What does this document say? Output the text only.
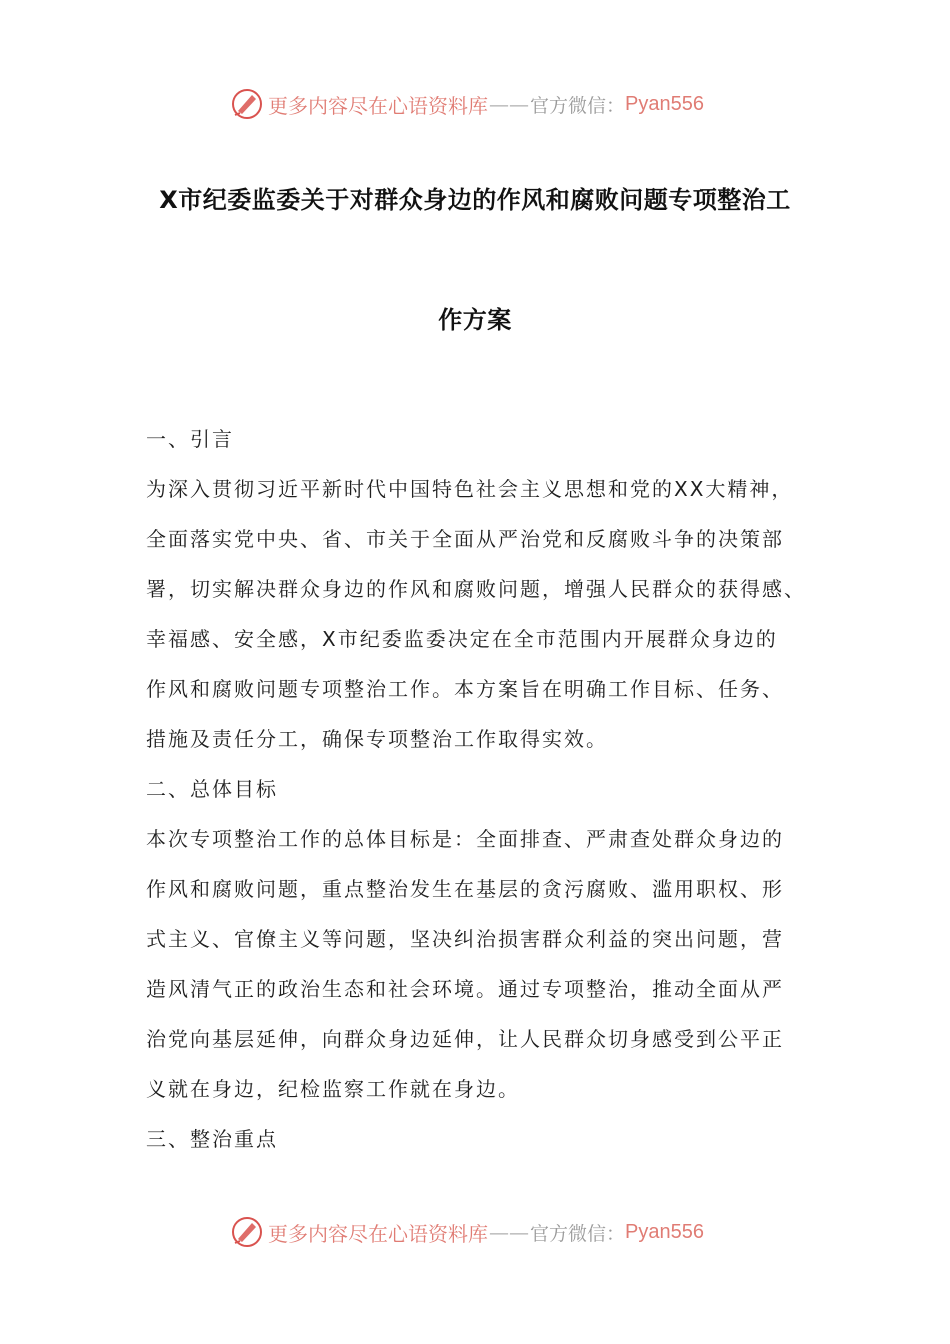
更多内容尽在心语资料库 —— 官方微信： Pyan556
X市纪委监委关于对群众身边的作风和腐败问题专项整治工
作方案
一、引言
为深入贯彻习近平新时代中国特色社会主义思想和党的XX大精神，
全面落实党中央、省、市关于全面从严治党和反腐败斗争的决策部
署，切实解决群众身边的作风和腐败问题，增强人民群众的获得感、
幸福感、安全感，X市纪委监委决定在全市范围内开展群众身边的
作风和腐败问题专项整治工作。本方案旨在明确工作目标、任务、
措施及责任分工，确保专项整治工作取得实效。
二、总体目标
本次专项整治工作的总体目标是：全面排查、严肃查处群众身边的
作风和腐败问题，重点整治发生在基层的贪污腐败、滥用职权、形
式主义、官僚主义等问题，坚决纠治损害群众利益的突出问题，营
造风清气正的政治生态和社会环境。通过专项整治，推动全面从严
治党向基层延伸，向群众身边延伸，让人民群众切身感受到公平正
义就在身边，纪检监察工作就在身边。
三、整治重点
更多内容尽在心语资料库 —— 官方微信： Pyan556
